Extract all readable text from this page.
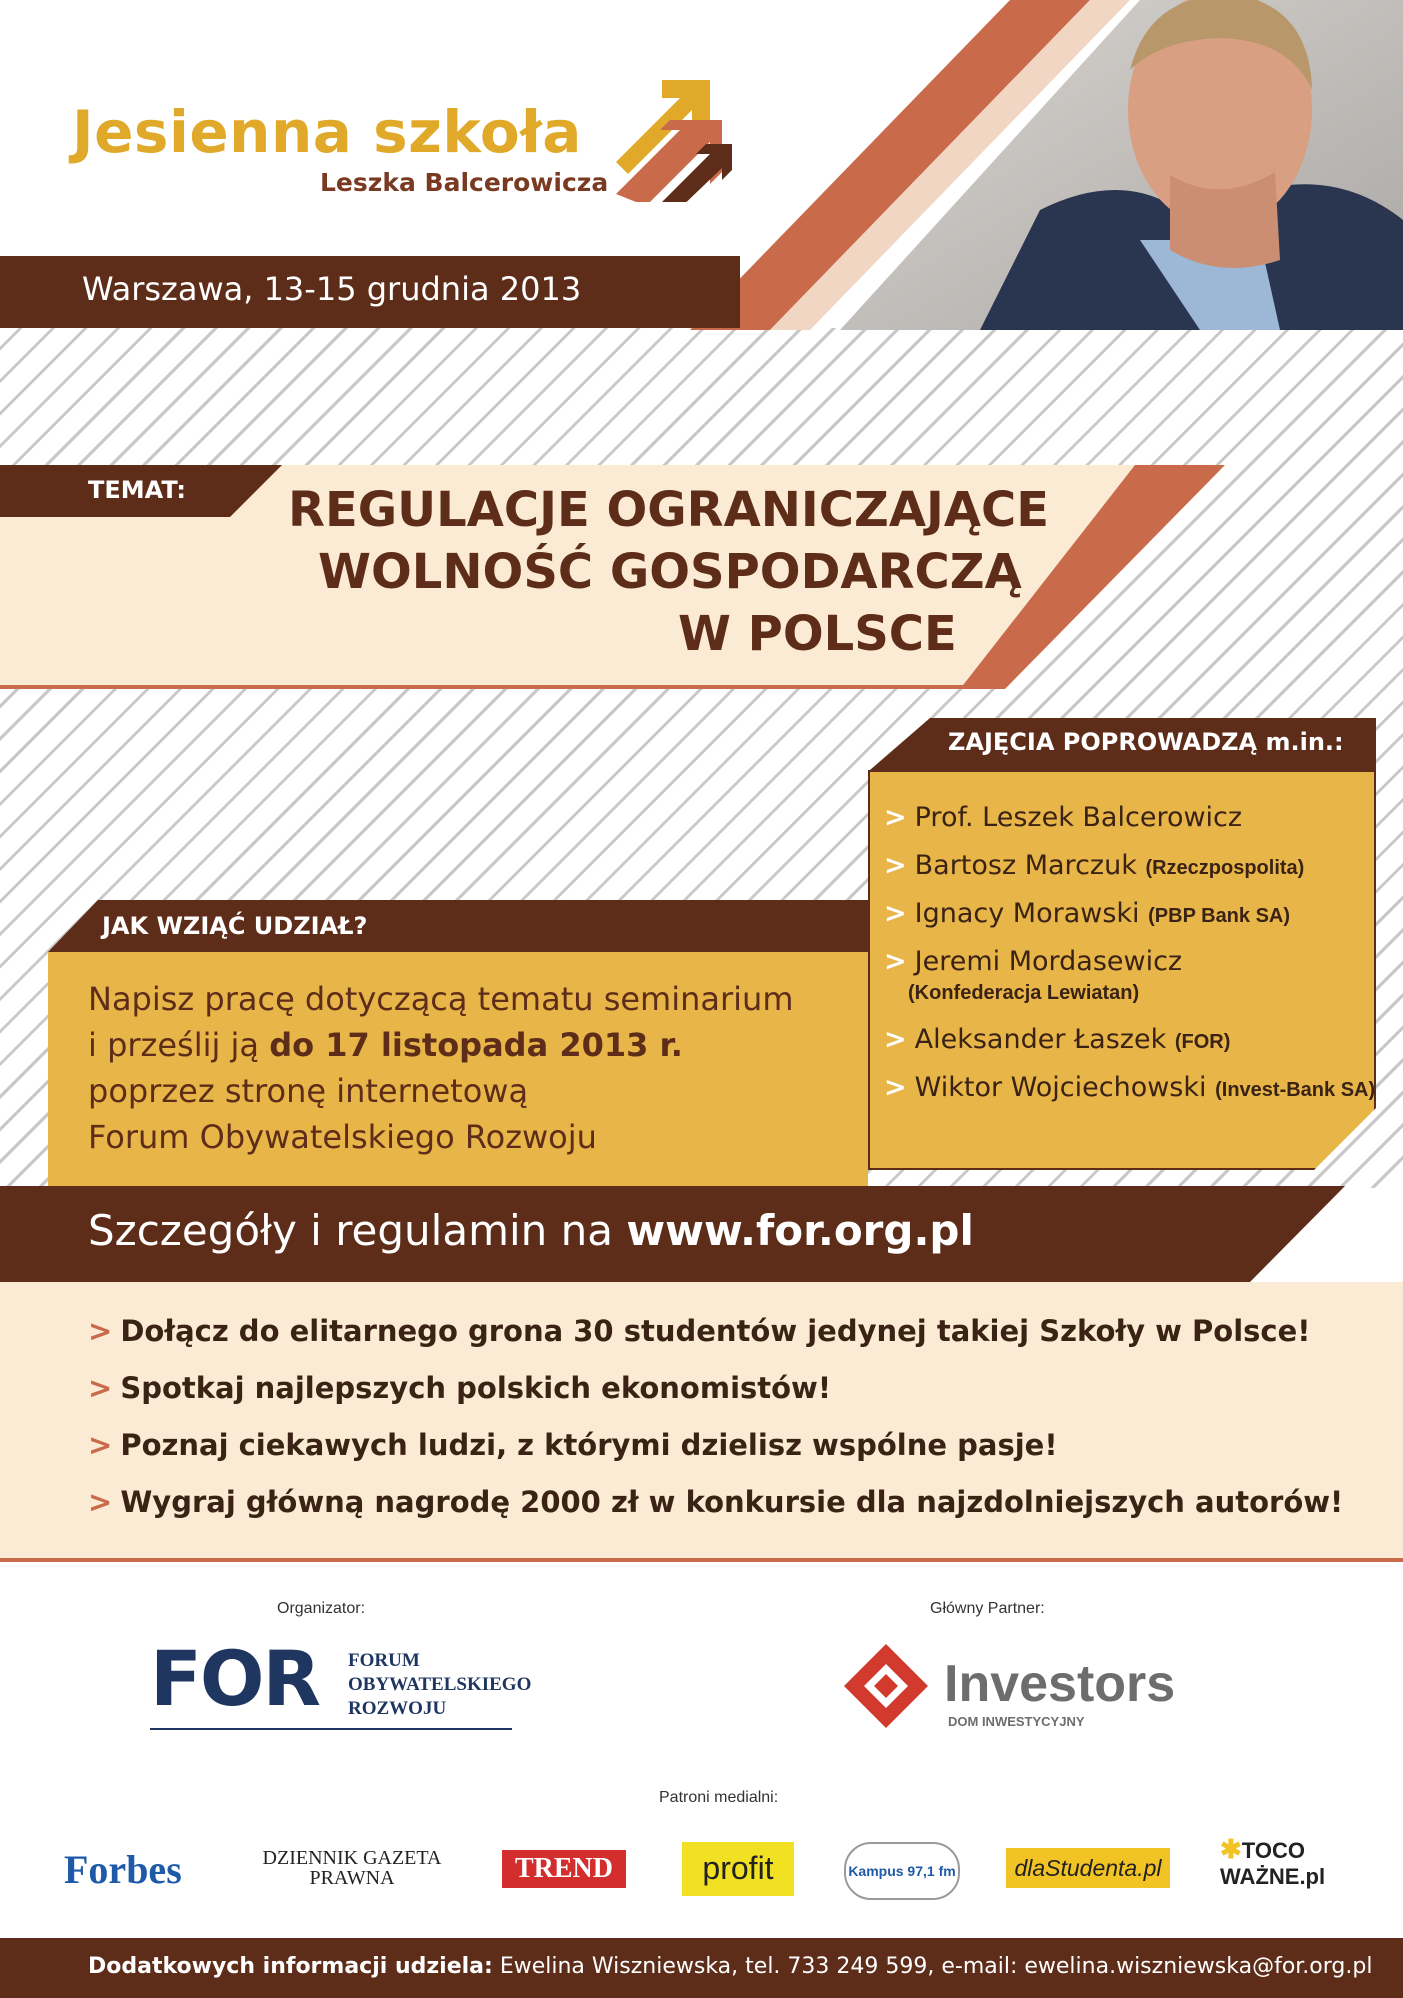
Jesienna szkoła
Leszka Balcerowicza
Warszawa, 13-15 grudnia 2013
TEMAT: REGULACJE OGRANICZAJĄCE
WOLNOŚĆ GOSPODARCZĄ
W POLSCE
JAK WZIĄĆ UDZIAŁ?
Napisz pracę dotyczącą tematu seminarium
i prześlij ją do 17 listopada 2013 r.
poprzez stronę internetową
Forum Obywatelskiego Rozwoju
ZAJĘCIA POPROWADZĄ m.in.:
> Prof. Leszek Balcerowicz
> Bartosz Marczuk (Rzeczpospolita)
> Ignacy Morawski (PBP Bank SA)
> Jeremi Mordasewicz
(Konfederacja Lewiatan)
> Aleksander Łaszek (FOR)
> Wiktor Wojciechowski (Invest-Bank SA)
Szczegóły i regulamin na www.for.org.pl
> Dołącz do elitarnego grona 30 studentów jedynej takiej Szkoły w Polsce!
> Spotkaj najlepszych polskich ekonomistów!
> Poznaj ciekawych ludzi, z którymi dzielisz wspólne pasje!
> Wygraj główną nagrodę 2000 zł w konkursie dla najzdolniejszych autorów!
Organizator:
FOR FORUM
OBYWATELSKIEGO
ROZWOJU
Główny Partner:
Investors
DOM INWESTYCYJNY
Patroni medialni:
Forbes	DZIENNIK GAZETA PRAWNA	TREND	profit	Kampus 97,1 fm	dlaStudenta.pl
✱TOCO WAŻNE.pl
Dodatkowych informacji udziela: Ewelina Wiszniewska, tel. 733 249 599, e-mail: ewelina.wiszniewska@for.org.pl
